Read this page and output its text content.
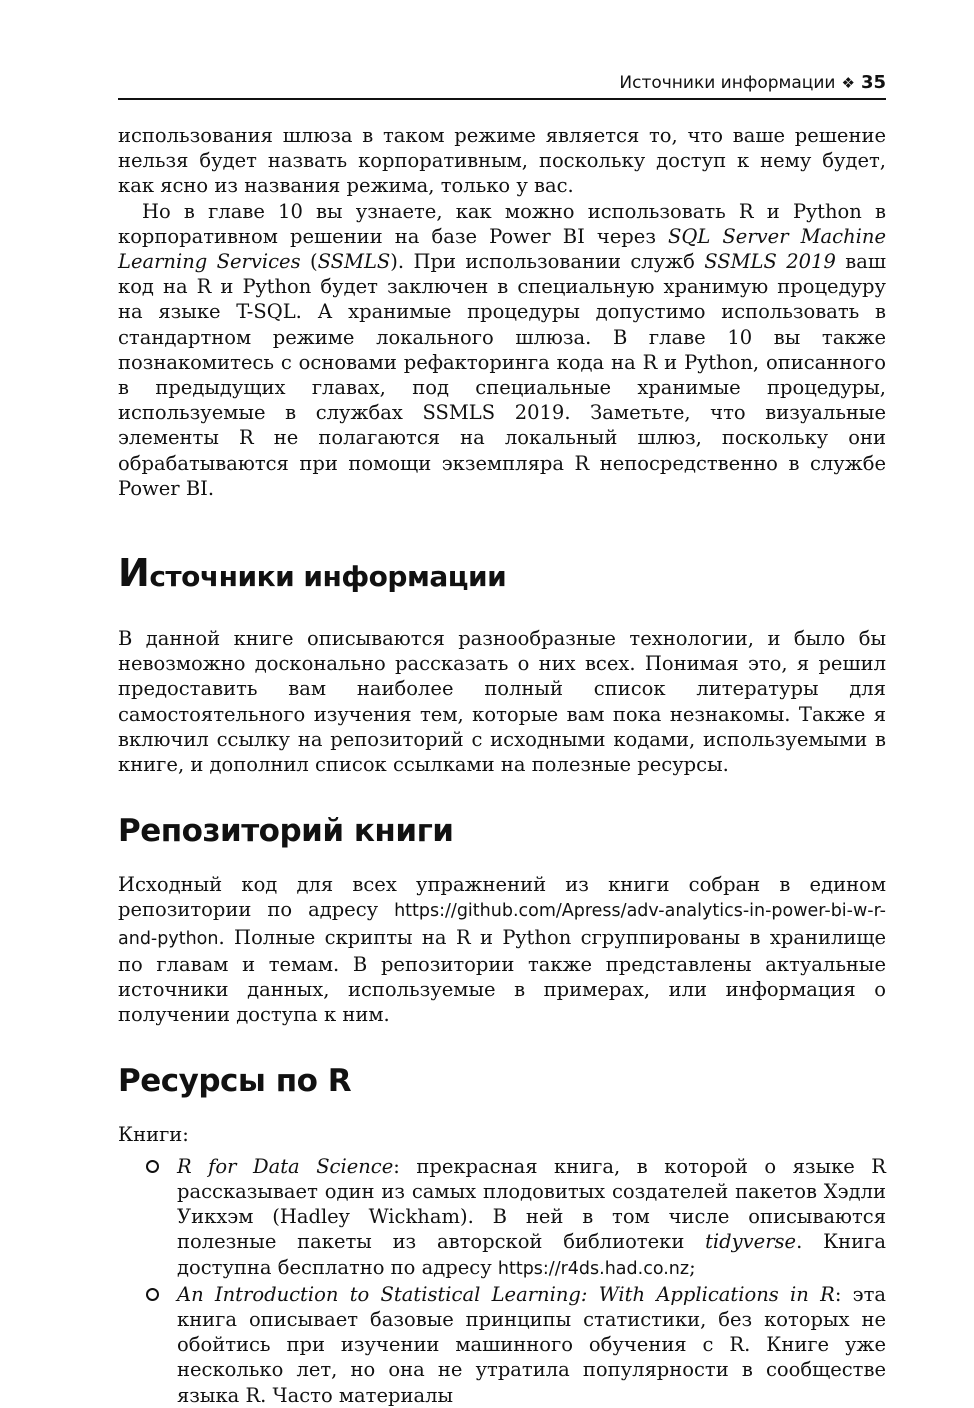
Источники информации ❖ 35

использования шлюза в таком режиме является то, что ваше решение нельзя будет назвать корпоративным, поскольку доступ к нему будет, как ясно из названия режима, только у вас.

Но в главе 10 вы узнаете, как можно использовать R и Python в корпоративном решении на базе Power BI через SQL Server Machine Learning Services (SSMLS). При использовании служб SSMLS 2019 ваш код на R и Python будет заключен в специальную хранимую процедуру на языке T-SQL. А хранимые процедуры допустимо использовать в стандартном режиме локального шлюза. В главе 10 вы также познакомитесь с основами рефакторинга кода на R и Python, описанного в предыдущих главах, под специальные хранимые процедуры, используемые в службах SSMLS 2019. Заметьте, что визуальные элементы R не полагаются на локальный шлюз, поскольку они обрабатываются при помощи экземпляра R непосредственно в службе Power BI.

Источники информации

В данной книге описываются разнообразные технологии, и было бы невозможно досконально рассказать о них всех. Понимая это, я решил предоставить вам наиболее полный список литературы для самостоятельного изучения тем, которые вам пока незнакомы. Также я включил ссылку на репозиторий с исходными кодами, используемыми в книге, и дополнил список ссылками на полезные ресурсы.

Репозиторий книги

Исходный код для всех упражнений из книги собран в едином репозитории по адресу https://github.com/Apress/adv-analytics-in-power-bi-w-r-and-python. Полные скрипты на R и Python сгруппированы в хранилище по главам и темам. В репозитории также представлены актуальные источники данных, используемые в примерах, или информация о получении доступа к ним.

Ресурсы по R

Книги:

R for Data Science: прекрасная книга, в которой о языке R рассказывает один из самых плодовитых создателей пакетов Хэдли Уикхэм (Hadley Wickham). В ней в том числе описываются полезные пакеты из авторской библиотеки tidyverse. Книга доступна бесплатно по адресу https://r4ds.had.co.nz;
An Introduction to Statistical Learning: With Applications in R: эта книга описывает базовые принципы статистики, без которых не обойтись при изучении машинного обучения с R. Книге уже несколько лет, но она не утратила популярности в сообществе языка R. Часто материалы
